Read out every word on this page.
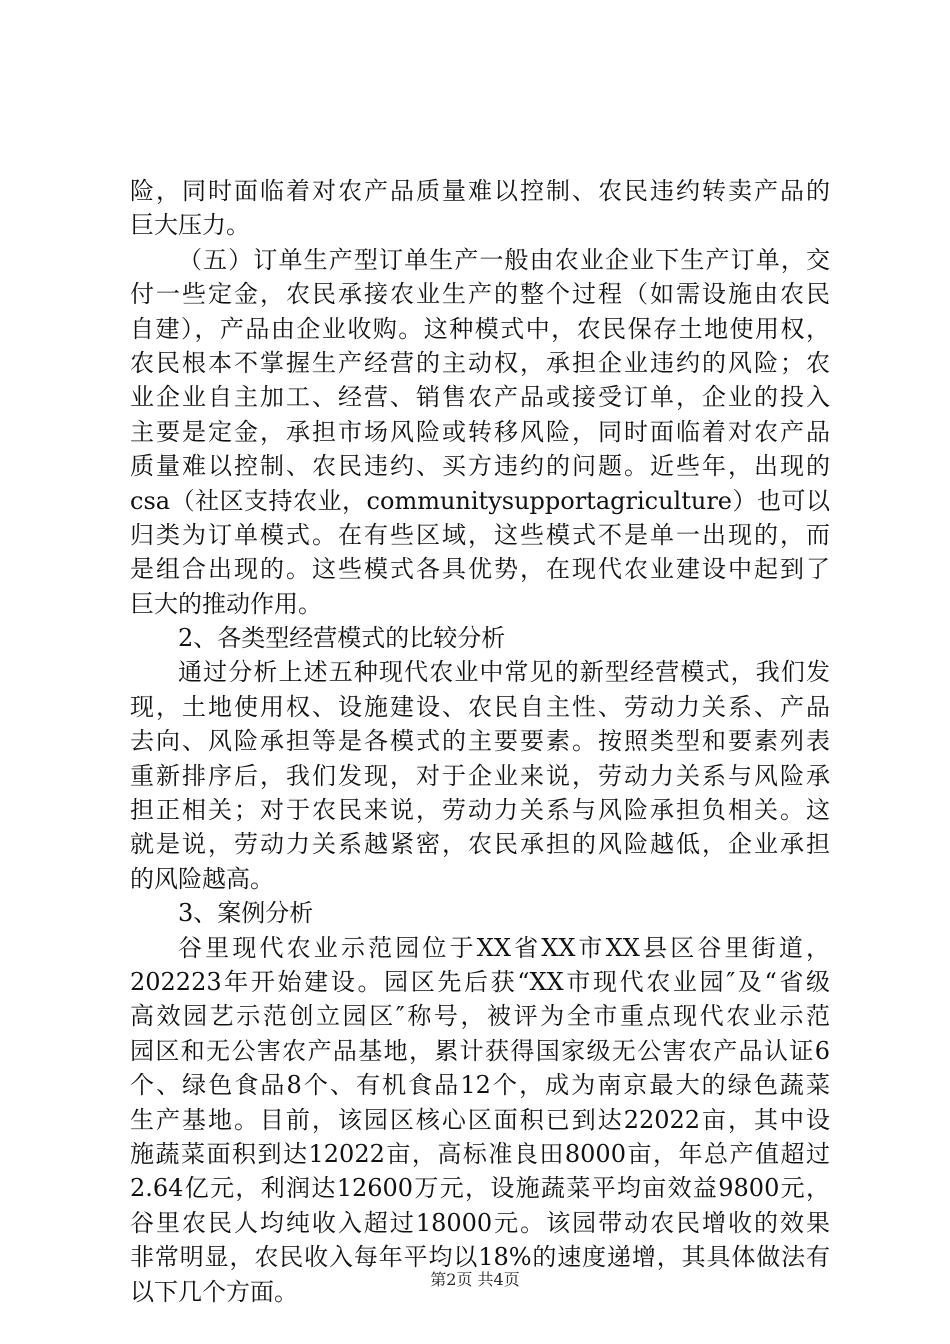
险，同时面临着对农产品质量难以控制、农民违约转卖产品的
巨大压力。
（五）订单生产型订单生产一般由农业企业下生产订单，交
付一些定金，农民承接农业生产的整个过程（如需设施由农民
自建），产品由企业收购。这种模式中，农民保存土地使用权，
农民根本不掌握生产经营的主动权，承担企业违约的风险；农
业企业自主加工、经营、销售农产品或接受订单，企业的投入
主要是定金，承担市场风险或转移风险，同时面临着对农产品
质量难以控制、农民违约、买方违约的问题。近些年，出现的
csa（社区支持农业，communitysupportagriculture）也可以
归类为订单模式。在有些区域，这些模式不是单一出现的，而
是组合出现的。这些模式各具优势，在现代农业建设中起到了
巨大的推动作用。
2、各类型经营模式的比较分析
通过分析上述五种现代农业中常见的新型经营模式，我们发
现，土地使用权、设施建设、农民自主性、劳动力关系、产品
去向、风险承担等是各模式的主要要素。按照类型和要素列表
重新排序后，我们发现，对于企业来说，劳动力关系与风险承
担正相关；对于农民来说，劳动力关系与风险承担负相关。这
就是说，劳动力关系越紧密，农民承担的风险越低，企业承担
的风险越高。
3、案例分析
谷里现代农业示范园位于XX省XX市XX县区谷里街道，
202223年开始建设。园区先后获“XX市现代农业园″及“省级
高效园艺示范创立园区″称号，被评为全市重点现代农业示范
园区和无公害农产品基地，累计获得国家级无公害农产品认证6
个、绿色食品8个、有机食品12个，成为南京最大的绿色蔬菜
生产基地。目前，该园区核心区面积已到达22022亩，其中设
施蔬菜面积到达12022亩，高标准良田8000亩，年总产值超过
2.64亿元，利润达12600万元，设施蔬菜平均亩效益9800元，
谷里农民人均纯收入超过18000元。该园带动农民增收的效果
非常明显，农民收入每年平均以18%的速度递增，其具体做法有
以下几个方面。	第2页 共4页
